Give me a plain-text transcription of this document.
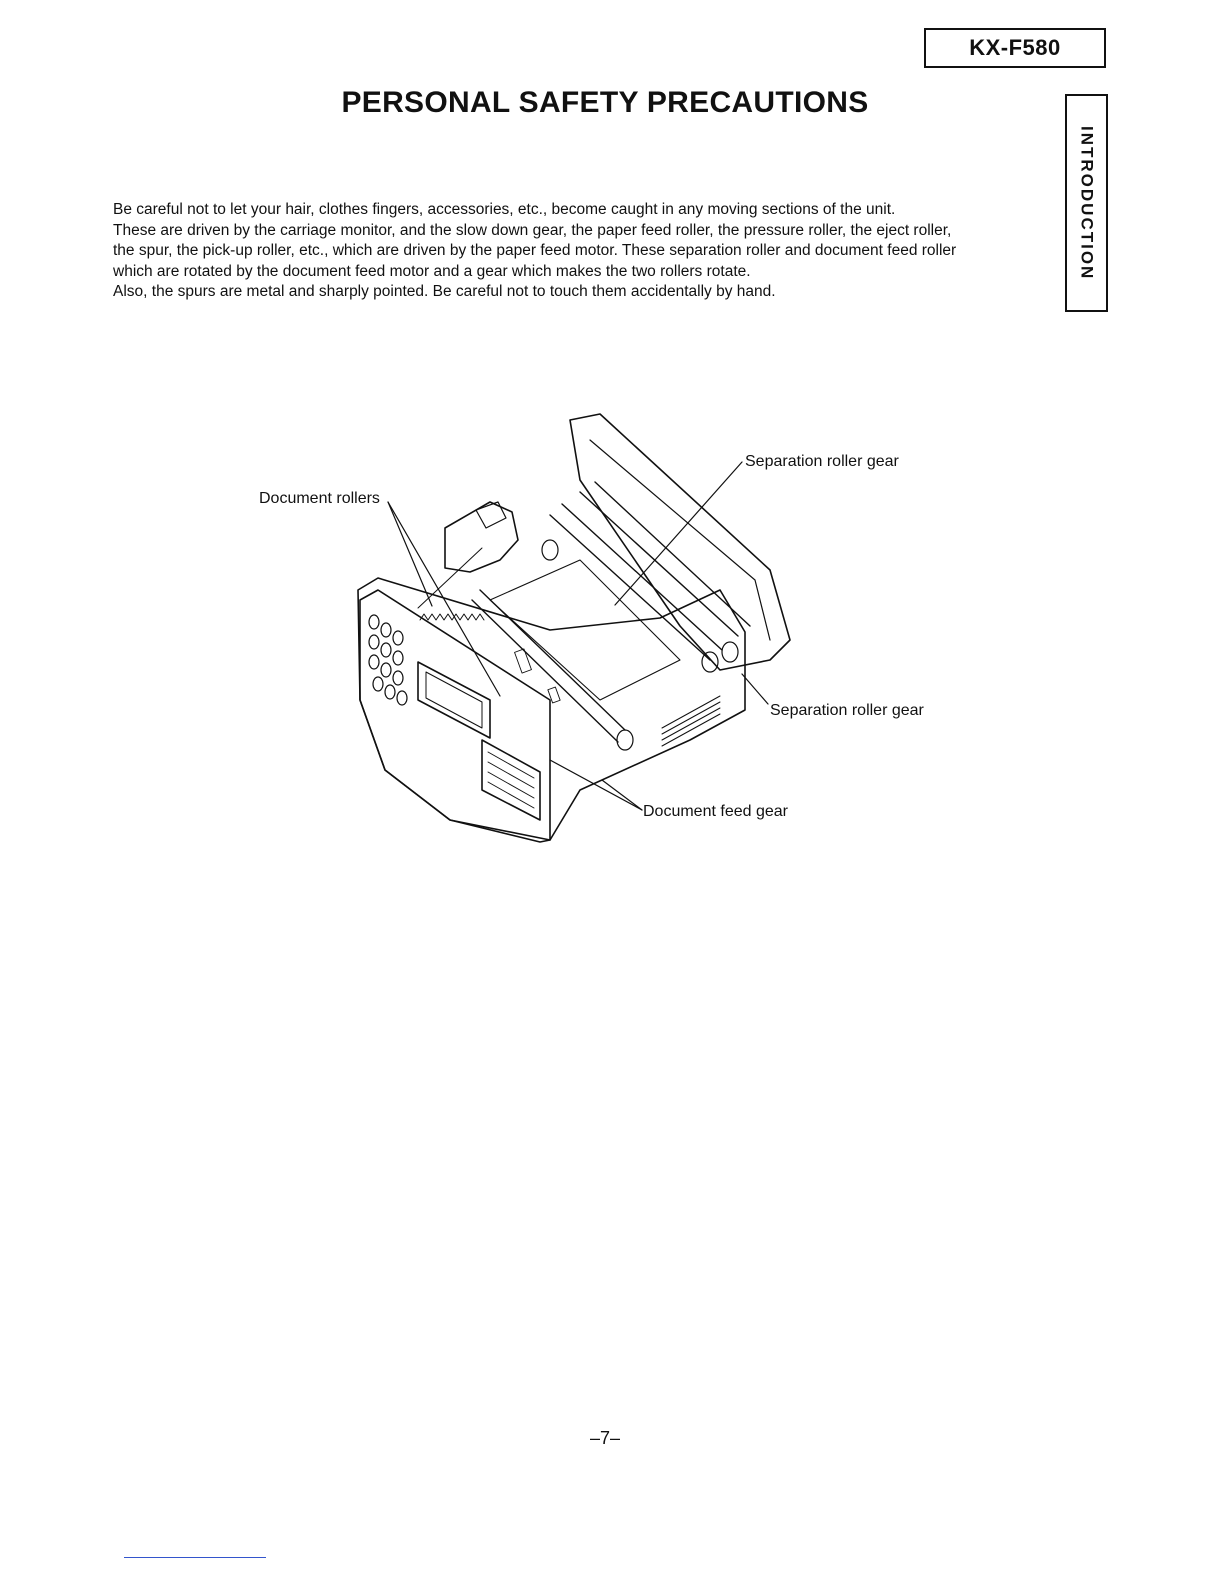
KX-F580
INTRODUCTION
PERSONAL SAFETY PRECAUTIONS

Be careful not to let your hair, clothes fingers, accessories, etc., become caught in any moving sections of the unit.

These are driven by the carriage monitor, and the slow down gear, the paper feed roller, the pressure roller, the eject roller,

the spur, the pick-up roller, etc., which are driven by the paper feed motor. These separation roller and document feed roller

which are rotated by the document feed motor and a gear which makes the two rollers rotate.

Also, the spurs are metal and sharply pointed. Be careful not to touch them accidentally by hand.

Separation roller gear
Document rollers
Separation roller gear
Document feed gear
–7–
